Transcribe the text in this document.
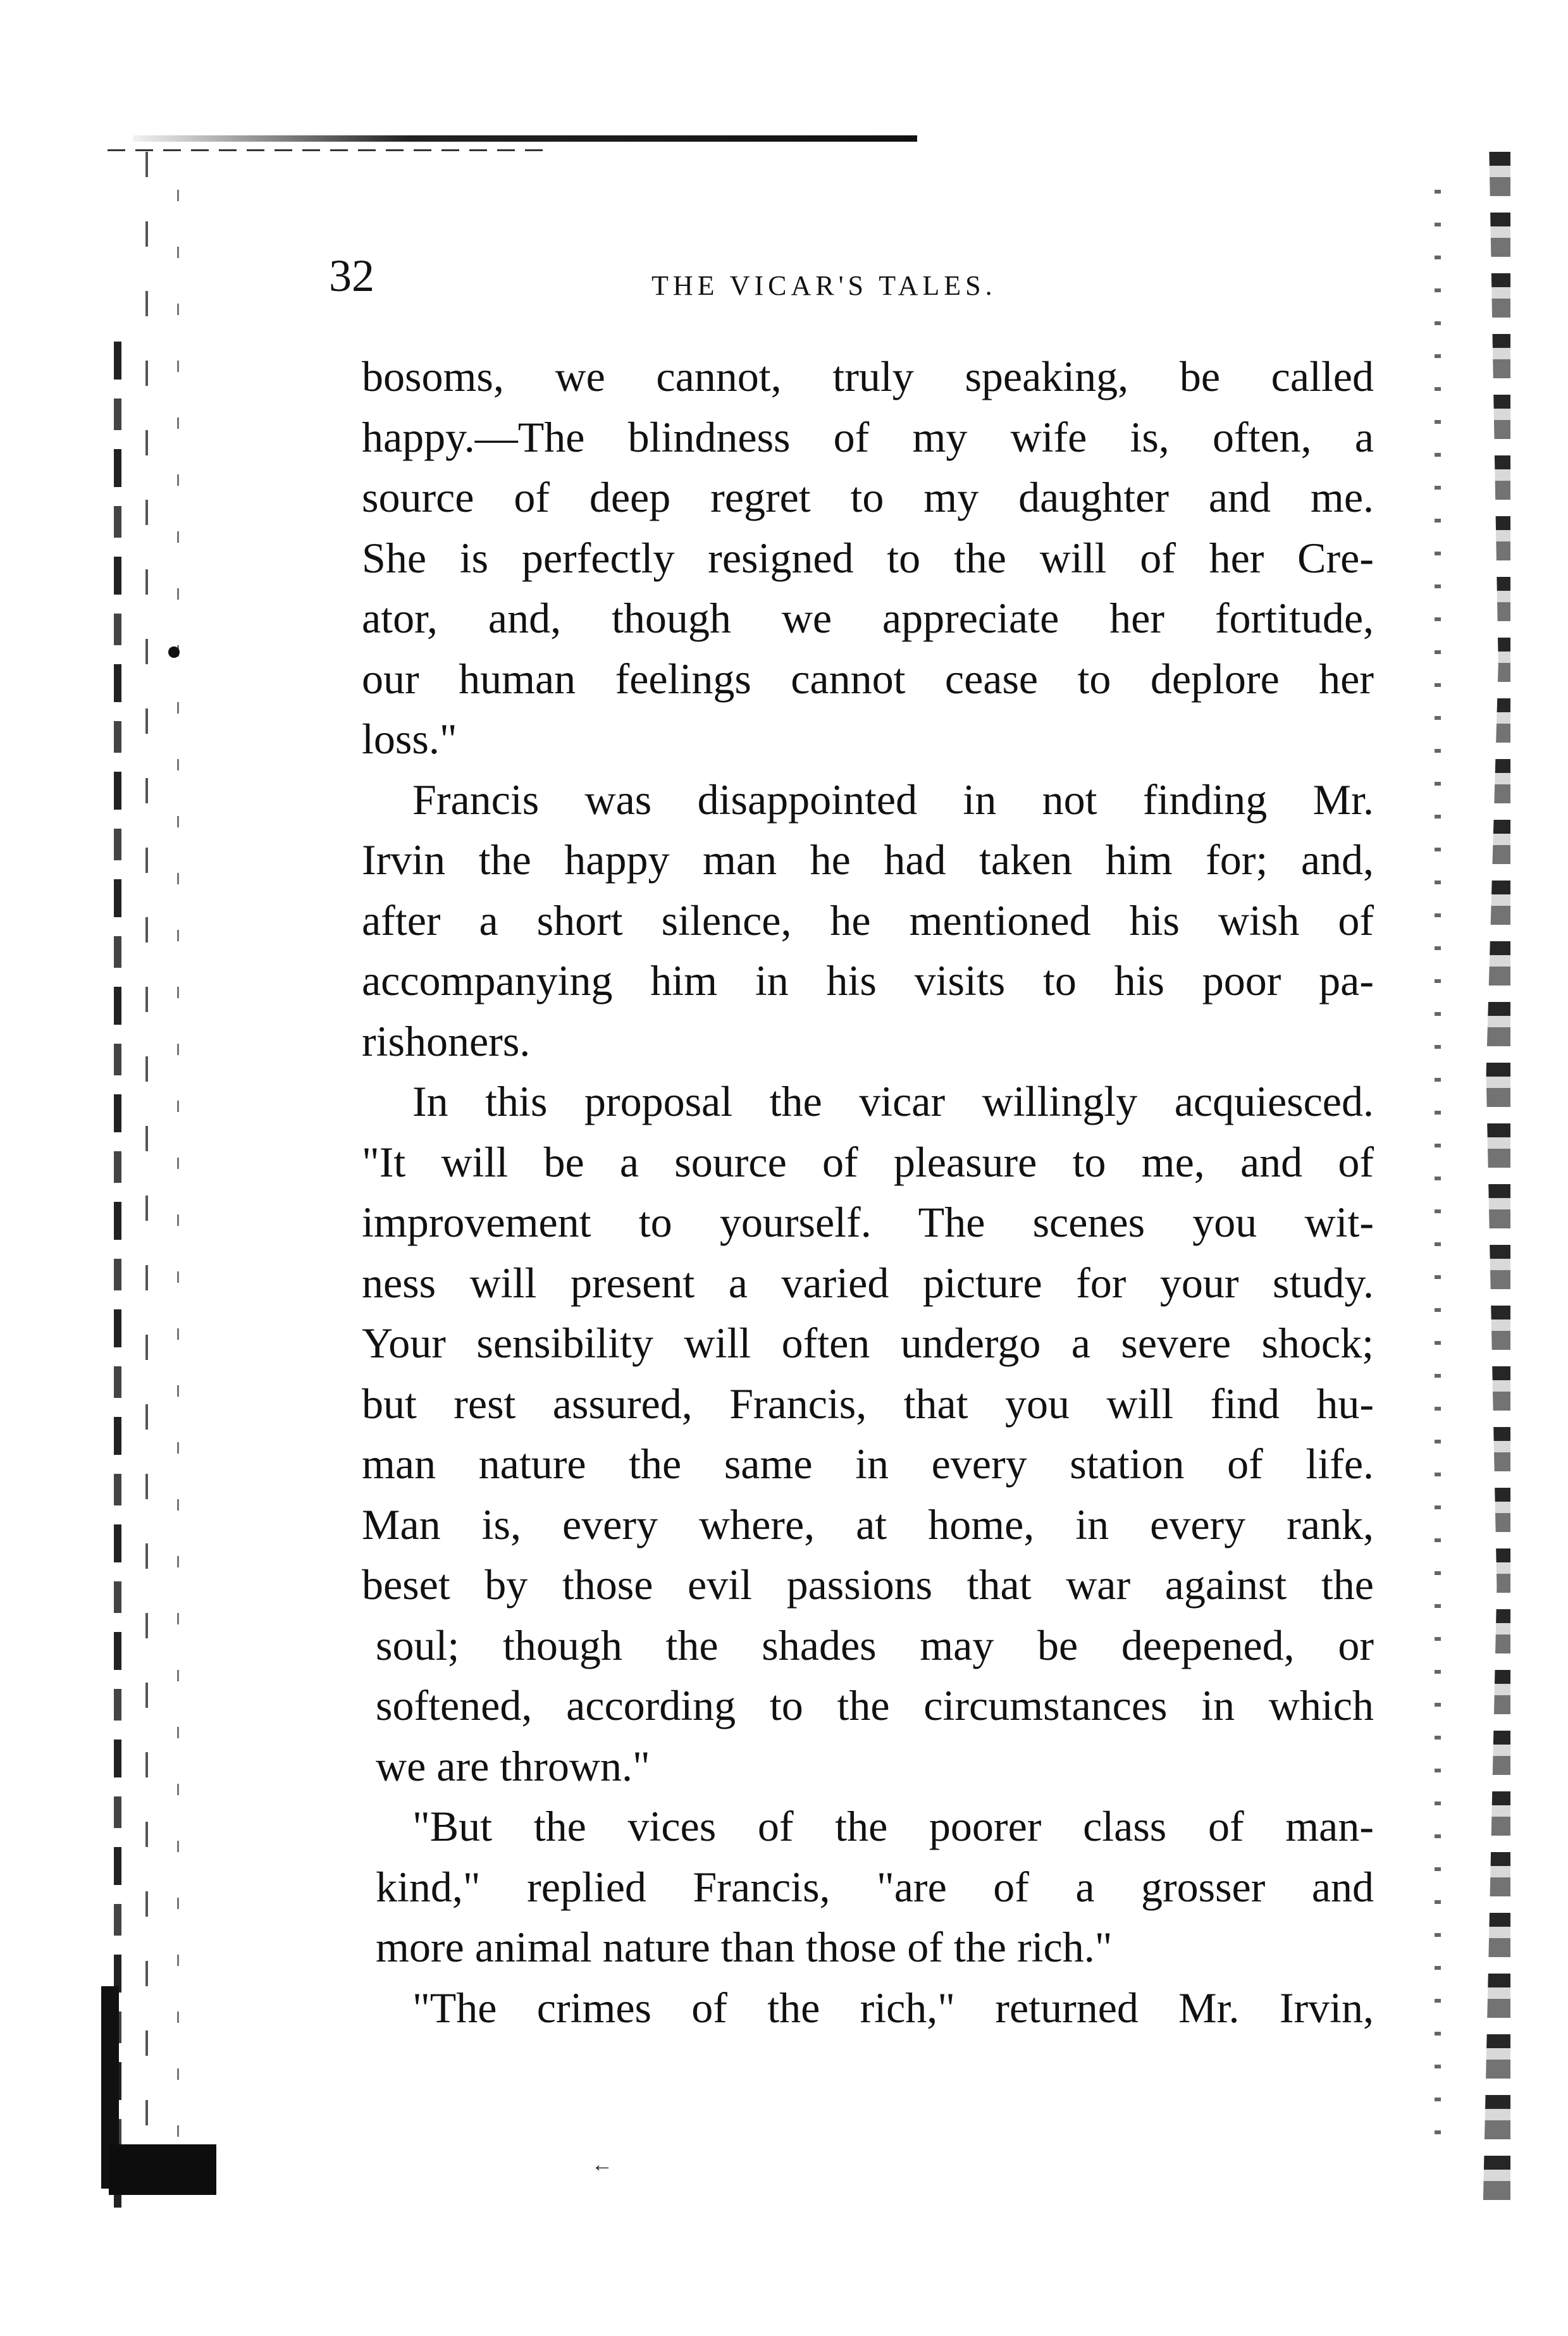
←
32	THE VICAR'S TALES.
bosoms, we cannot, truly speaking, be called
happy.—The blindness of my wife is, often, a
source of deep regret to my daughter and me.
She is perfectly resigned to the will of her Cre-
ator, and, though we appreciate her fortitude,
our human feelings cannot cease to deplore her
loss."
Francis was disappointed in not finding Mr.
Irvin the happy man he had taken him for; and,
after a short silence, he mentioned his wish of
accompanying him in his visits to his poor pa-
rishoners.
In this proposal the vicar willingly acquiesced.
"It will be a source of pleasure to me, and of
improvement to yourself. The scenes you wit-
ness will present a varied picture for your study.
Your sensibility will often undergo a severe shock;
but rest assured, Francis, that you will find hu-
man nature the same in every station of life.
Man is, every where, at home, in every rank,
beset by those evil passions that war against the
soul; though the shades may be deepened, or
softened, according to the circumstances in which
we are thrown."
"But the vices of the poorer class of man-
kind," replied Francis, "are of a grosser and
more animal nature than those of the rich."
"The crimes of the rich," returned Mr. Irvin,
